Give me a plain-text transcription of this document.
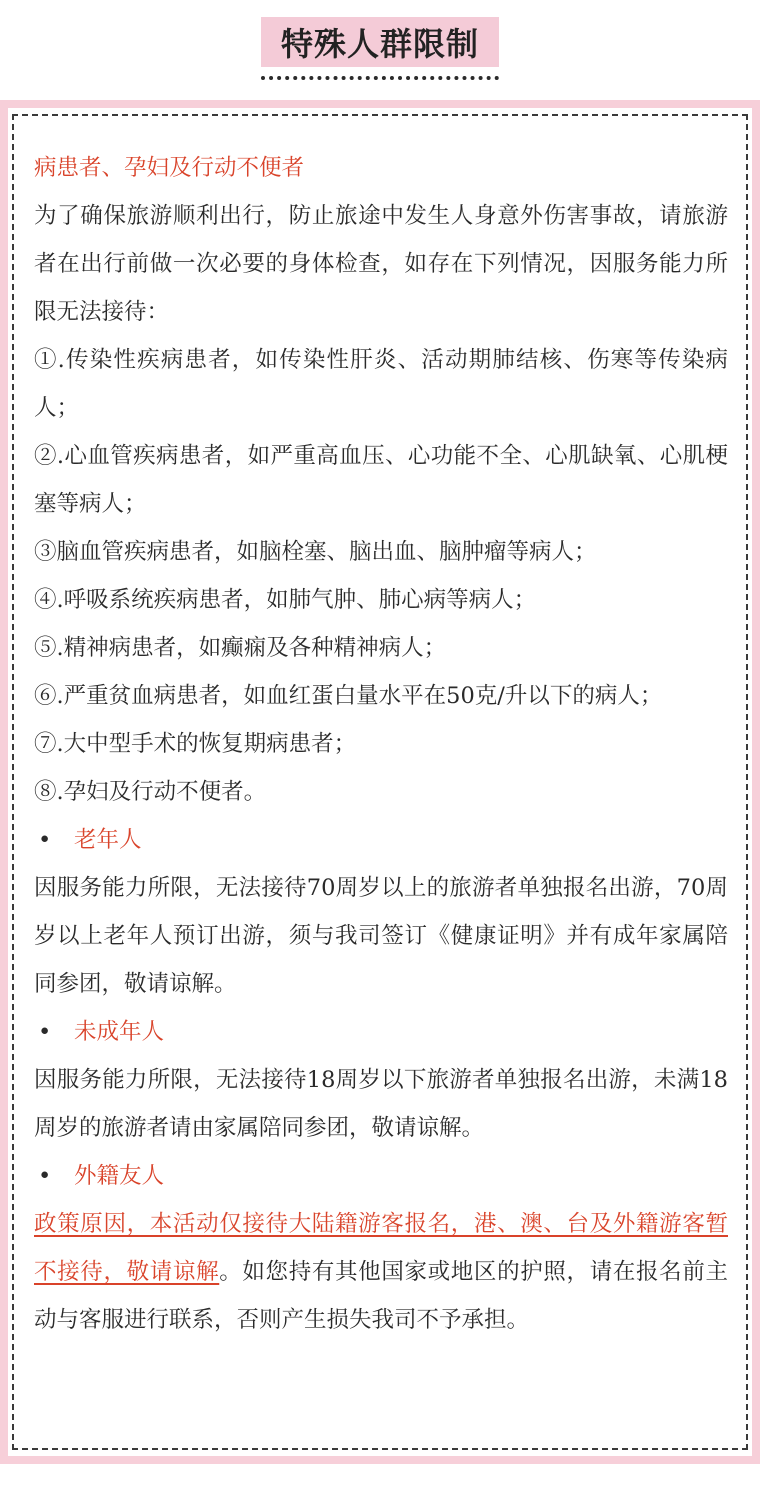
特殊人群限制

病患者、孕妇及行动不便者

为了确保旅游顺利出行，防止旅途中发生人身意外伤害事故，请旅游者在出行前做一次必要的身体检查，如存在下列情况，因服务能力所限无法接待：

①.传染性疾病患者，如传染性肝炎、活动期肺结核、伤寒等传染病人；

②.心血管疾病患者，如严重高血压、心功能不全、心肌缺氧、心肌梗塞等病人；

③脑血管疾病患者，如脑栓塞、脑出血、脑肿瘤等病人；

④.呼吸系统疾病患者，如肺气肿、肺心病等病人；

⑤.精神病患者，如癫痫及各种精神病人；

⑥.严重贫血病患者，如血红蛋白量水平在50克/升以下的病人；

⑦.大中型手术的恢复期病患者；

⑧.孕妇及行动不便者。

•	老年人

因服务能力所限，无法接待70周岁以上的旅游者单独报名出游，70周岁以上老年人预订出游，须与我司签订《健康证明》并有成年家属陪同参团，敬请谅解。

•	未成年人

因服务能力所限，无法接待18周岁以下旅游者单独报名出游，未满18周岁的旅游者请由家属陪同参团，敬请谅解。

•	外籍友人

政策原因，本活动仅接待大陆籍游客报名，港、澳、台及外籍游客暂不接待，敬请谅解。如您持有其他国家或地区的护照，请在报名前主动与客服进行联系，否则产生损失我司不予承担。
